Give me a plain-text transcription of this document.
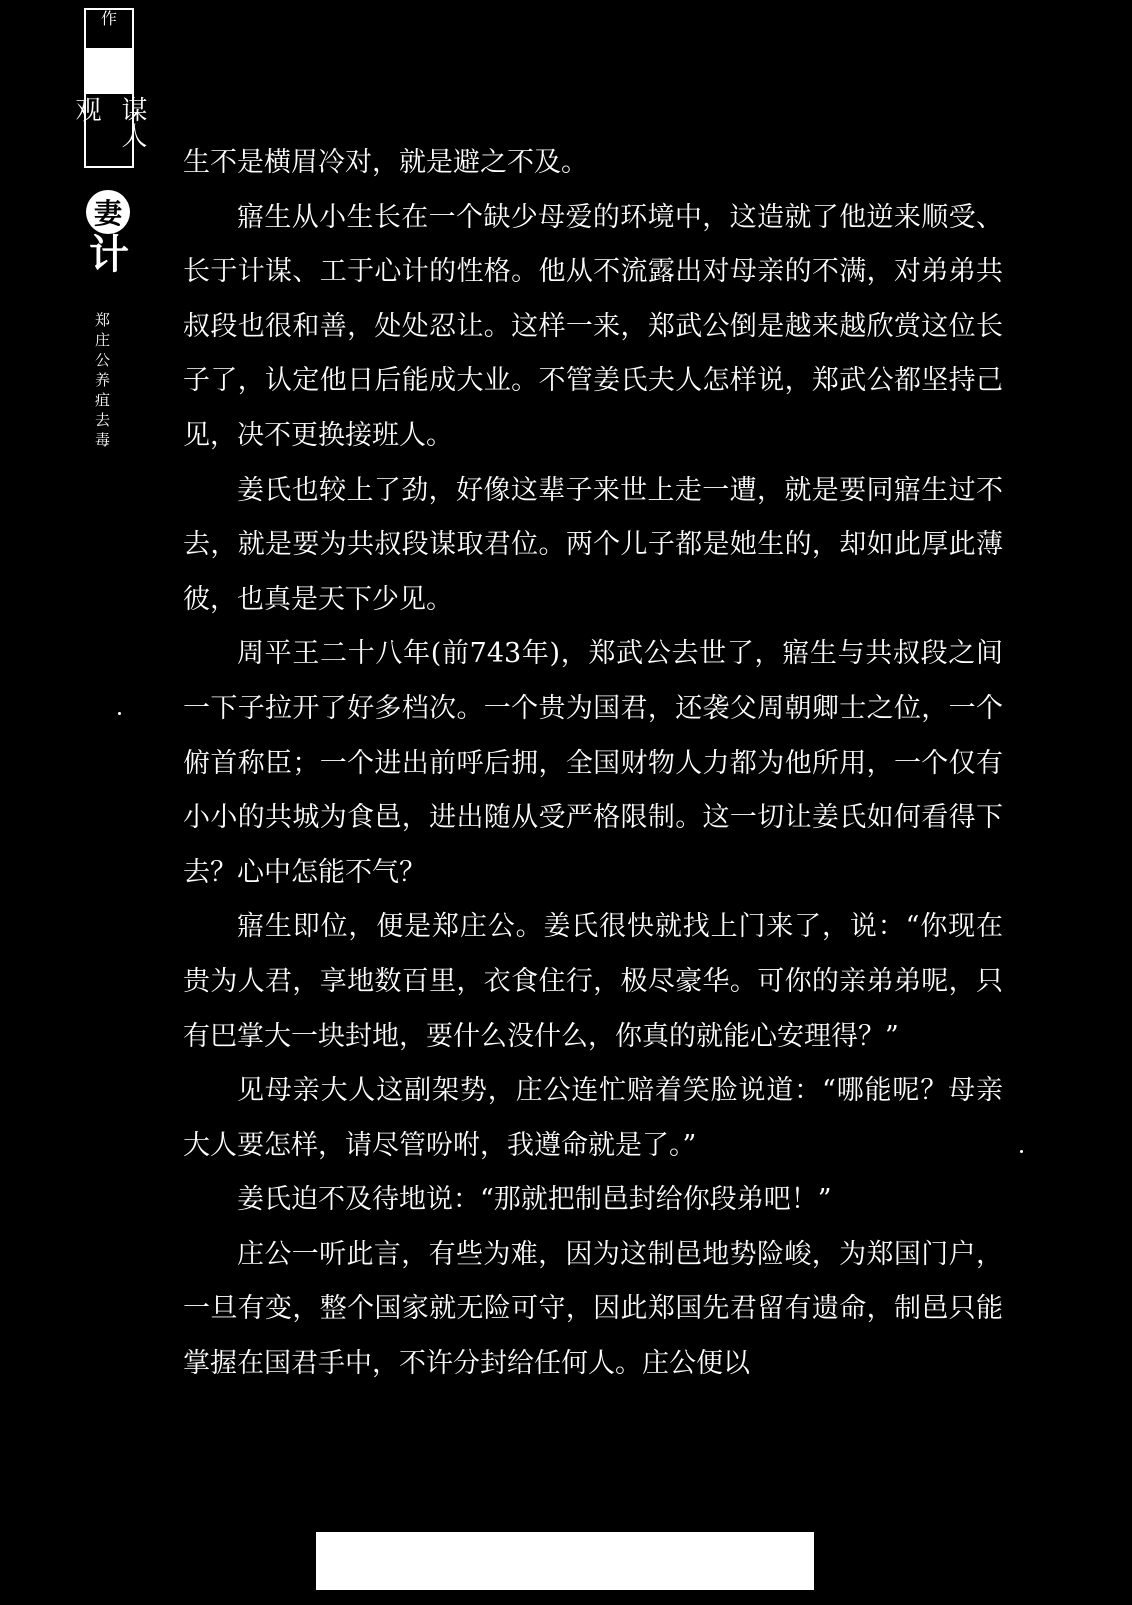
作
谋人观
妻
计
郑庄公养疽去毒

生不是横眉冷对，就是避之不及。

寤生从小生长在一个缺少母爱的环境中，这造就了他逆来顺受、长于计谋、工于心计的性格。他从不流露出对母亲的不满，对弟弟共叔段也很和善，处处忍让。这样一来，郑武公倒是越来越欣赏这位长子了，认定他日后能成大业。不管姜氏夫人怎样说，郑武公都坚持己见，决不更换接班人。

姜氏也较上了劲，好像这辈子来世上走一遭，就是要同寤生过不去，就是要为共叔段谋取君位。两个儿子都是她生的，却如此厚此薄彼，也真是天下少见。

周平王二十八年(前743年)，郑武公去世了，寤生与共叔段之间一下子拉开了好多档次。一个贵为国君，还袭父周朝卿士之位，一个俯首称臣；一个进出前呼后拥，全国财物人力都为他所用，一个仅有小小的共城为食邑，进出随从受严格限制。这一切让姜氏如何看得下去？心中怎能不气？

寤生即位，便是郑庄公。姜氏很快就找上门来了，说：“你现在贵为人君，享地数百里，衣食住行，极尽豪华。可你的亲弟弟呢，只有巴掌大一块封地，要什么没什么，你真的就能心安理得？”

见母亲大人这副架势，庄公连忙赔着笑脸说道：“哪能呢？母亲大人要怎样，请尽管吩咐，我遵命就是了。”

姜氏迫不及待地说：“那就把制邑封给你段弟吧！”

庄公一听此言，有些为难，因为这制邑地势险峻，为郑国门户，一旦有变，整个国家就无险可守，因此郑国先君留有遗命，制邑只能掌握在国君手中，不许分封给任何人。庄公便以
